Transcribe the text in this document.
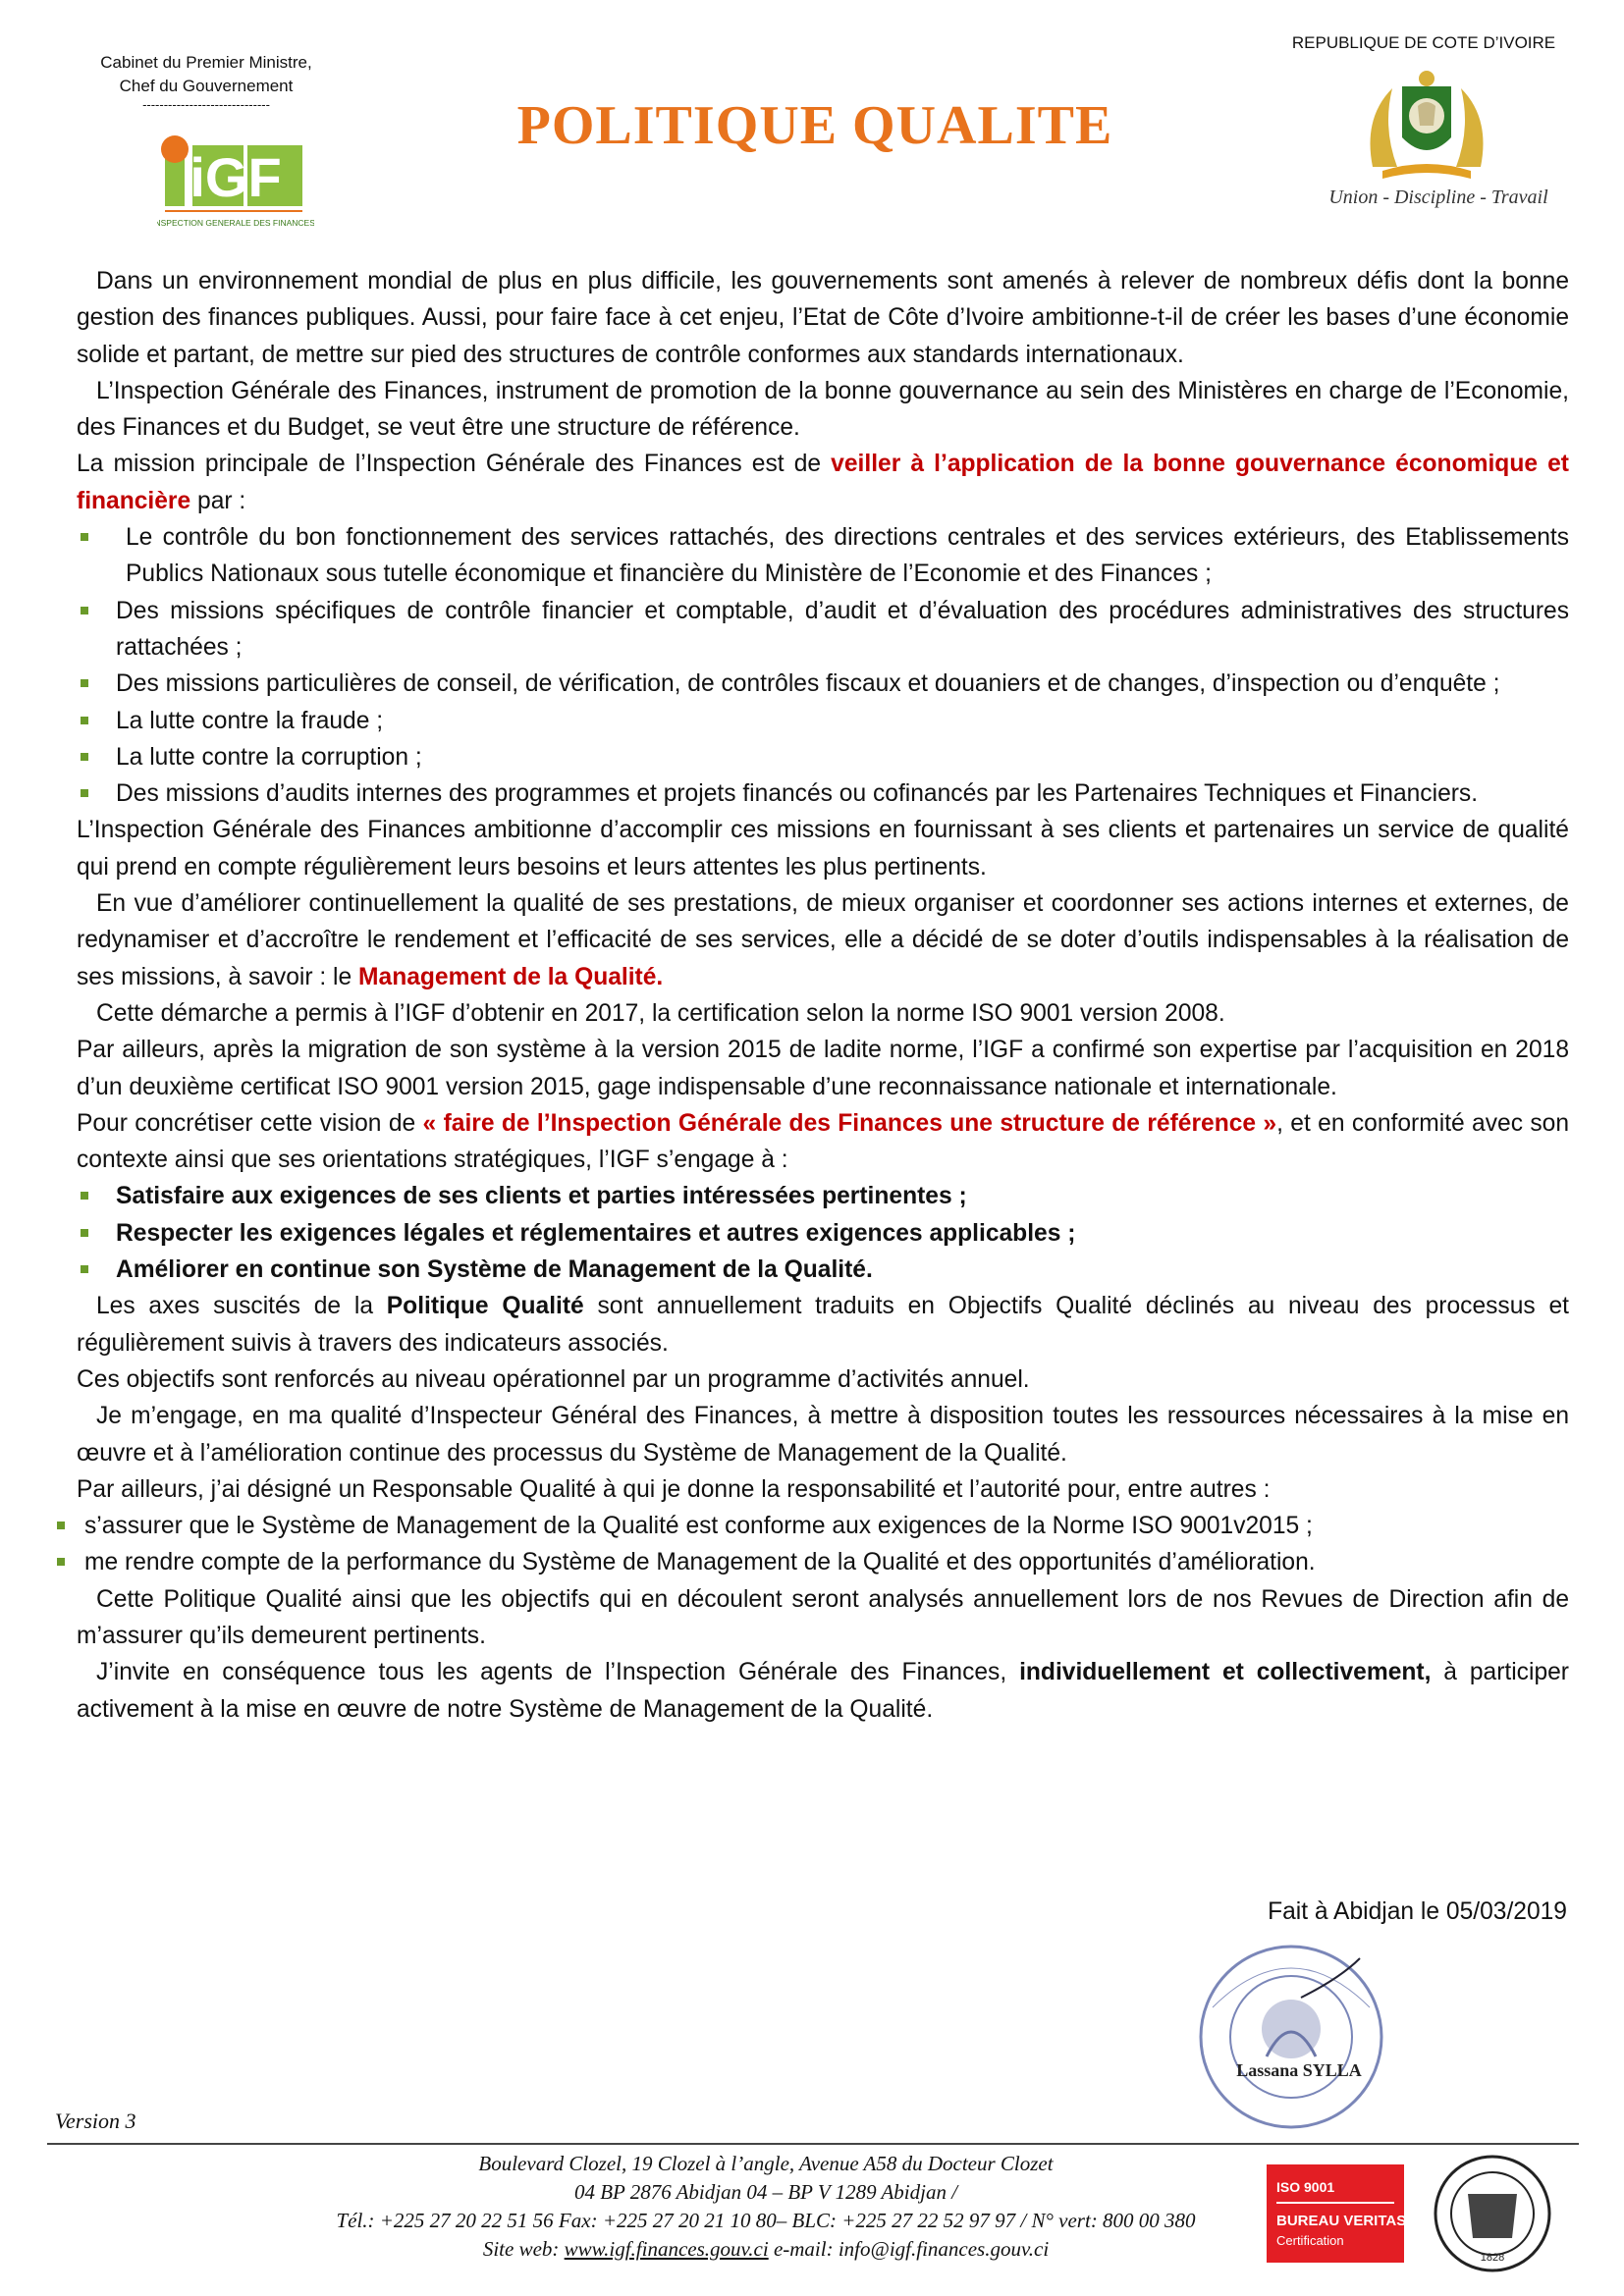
Cabinet du Premier Ministre,
Chef du Gouvernement
------------------------------
iGF
INSPECTION GENERALE DES FINANCES
POLITIQUE QUALITE
REPUBLIQUE DE COTE D’IVOIRE
Union - Discipline - Travail

Dans un environnement mondial de plus en plus difficile, les gouvernements sont amenés à relever de nombreux défis dont la bonne gestion des finances publiques. Aussi, pour faire face à cet enjeu, l’Etat de Côte d’Ivoire ambitionne-t-il de créer les bases d’une économie solide et partant, de mettre sur pied des structures de contrôle conformes aux standards internationaux.

L’Inspection Générale des Finances, instrument de promotion de la bonne gouvernance au sein des Ministères en charge de l’Economie, des Finances et du Budget, se veut être une structure de référence.

La mission principale de l’Inspection Générale des Finances est de veiller à l’application de la bonne gouvernance économique et financière par :

Le contrôle du bon fonctionnement des services rattachés, des directions centrales et des services extérieurs, des Etablissements Publics Nationaux sous tutelle économique et financière du Ministère de l’Economie et des Finances ;

Des missions spécifiques de contrôle financier et comptable, d’audit et d’évaluation des procédures administratives des structures rattachées ;

Des missions particulières de conseil, de vérification, de contrôles fiscaux et douaniers et de changes, d’inspection ou d’enquête ;

La lutte contre la fraude ;

La lutte contre la corruption ;

Des missions d’audits internes des programmes et projets financés ou cofinancés par les Partenaires Techniques et Financiers.

L’Inspection Générale des Finances ambitionne d’accomplir ces missions en fournissant à ses clients et partenaires un service de qualité qui prend en compte régulièrement leurs besoins et leurs attentes les plus pertinents.

En vue d’améliorer continuellement la qualité de ses prestations, de mieux organiser et coordonner ses actions internes et externes, de redynamiser et d’accroître le rendement et l’efficacité de ses services, elle a décidé de se doter d’outils indispensables à la réalisation de ses missions, à savoir : le Management de la Qualité.

Cette démarche a permis à l’IGF d’obtenir en 2017, la certification selon la norme ISO 9001 version 2008.

Par ailleurs, après la migration de son système à la version 2015 de ladite norme, l’IGF a confirmé son expertise par l’acquisition en 2018 d’un deuxième certificat ISO 9001 version 2015, gage indispensable d’une reconnaissance nationale et internationale.

Pour concrétiser cette vision de « faire de l’Inspection Générale des Finances une structure de référence », et en conformité avec son contexte ainsi que ses orientations stratégiques, l’IGF s’engage à :

Satisfaire aux exigences de ses clients et parties intéressées pertinentes ;

Respecter les exigences légales et réglementaires et autres exigences applicables ;

Améliorer en continue son Système de Management de la Qualité.

Les axes suscités de la Politique Qualité sont annuellement traduits en Objectifs Qualité déclinés au niveau des processus et régulièrement suivis à travers des indicateurs associés.

Ces objectifs sont renforcés au niveau opérationnel par un programme d’activités annuel.

Je m’engage, en ma qualité d’Inspecteur Général des Finances, à mettre à disposition toutes les ressources nécessaires à la mise en œuvre et à l’amélioration continue des processus du Système de Management de la Qualité.

Par ailleurs, j’ai désigné un Responsable Qualité à qui je donne la responsabilité et l’autorité pour, entre autres :

s’assurer que le Système de Management de la Qualité est conforme aux exigences de la Norme ISO 9001v2015 ;

me rendre compte de la performance du Système de Management de la Qualité et des opportunités d’amélioration.

Cette Politique Qualité ainsi que les objectifs qui en découlent seront analysés annuellement lors de nos Revues de Direction afin de m’assurer qu’ils demeurent pertinents.

J’invite en conséquence tous les agents de l’Inspection Générale des Finances, individuellement et collectivement, à participer activement à la mise en œuvre de notre Système de Management de la Qualité.

Fait à Abidjan le 05/03/2019
Lassana SYLLA
Version 3
Boulevard Clozel, 19 Clozel à l’angle, Avenue A58 du Docteur Clozet
04 BP 2876 Abidjan 04 – BP V 1289 Abidjan /
Tél.: +225 27 20 22 51 56 Fax: +225 27 20 21 10 80– BLC: +225 27 22 52 97 97 / N° vert: 800 00 380
Site web: www.igf.finances.gouv.ci e-mail: info@igf.finances.gouv.ci
ISO 9001
BUREAU VERITAS
Certification
1828
